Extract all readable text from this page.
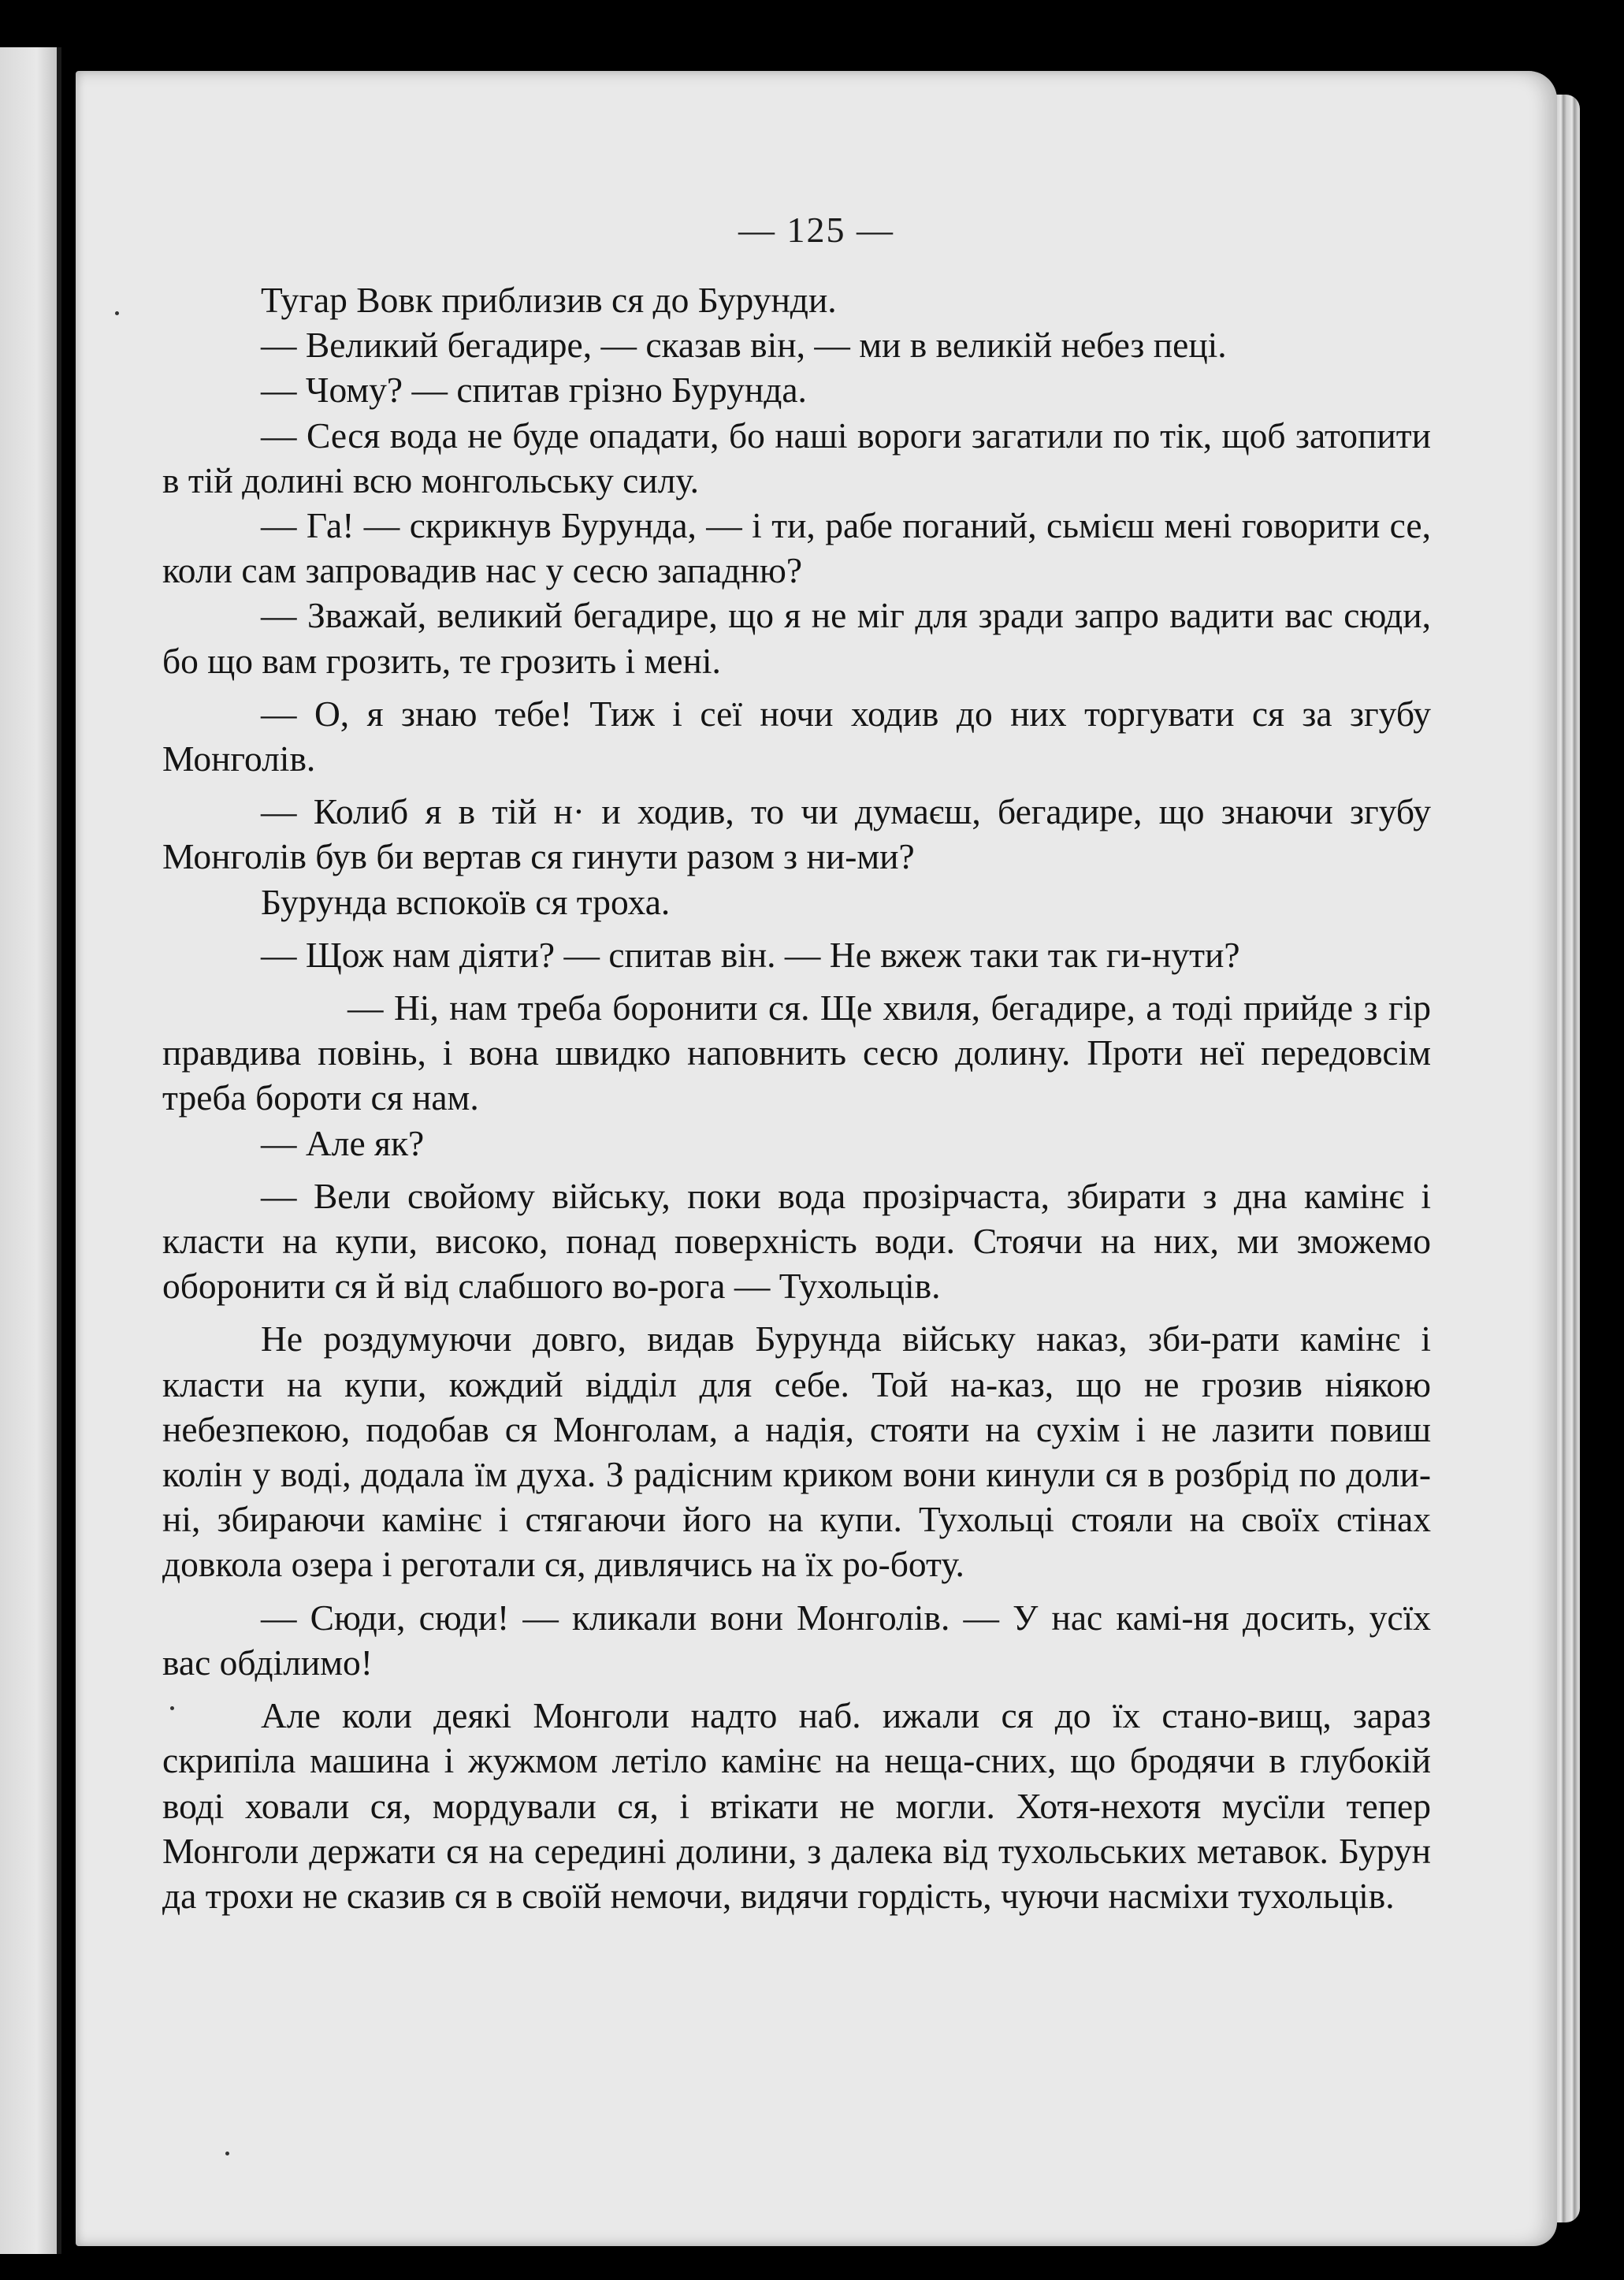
— 125 —

Тугар Вовк приблизив ся до Бурунди.

— Великий бегадире, — сказав він, — ми в великій небез пеці.

— Чому? — спитав грізно Бурунда.

— Сеся вода не буде опадати, бо наші вороги загатили по тік, щоб затопити в тій долині всю монгольську силу.

— Га! — скрикнув Бурунда, — і ти, рабе поганий, сьмієш мені говорити се, коли сам запровадив нас у сесю западню?

— Зважай, великий бегадире, що я не міг для зради запро вадити вас сюди, бо що вам грозить, те грозить і мені.

— О, я знаю тебе! Тиж і сеї ночи ходив до них торгувати ся за згубу Монголів.

— Колиб я в тій н· и ходив, то чи думаєш, бегадире, що знаючи згубу Монголів був би вертав ся гинути разом з ни-ми?

Бурунда вспокоїв ся троха.

— Щож нам діяти? — спитав він. — Не вжеж таки так ги-нути?

— Ні, нам треба боронити ся. Ще хвиля, бегадире, а тоді прийде з гір правдива повінь, і вона швидко наповнить сесю долину. Проти неї передовсім треба бороти ся нам.

— Але як?

— Вели свойому війську, поки вода прозірчаста, збирати з дна камінє і класти на купи, високо, понад поверхність води. Стоячи на них, ми зможемо оборонити ся й від слабшого во-рога — Тухольців.

Не роздумуючи довго, видав Бурунда війську наказ, зби-рати камінє і класти на купи, кождий відділ для себе. Той на-каз, що не грозив ніякою небезпекою, подобав ся Монголам, а надія, стояти на сухім і не лазити повиш колін у воді, додала їм духа. З радісним криком вони кинули ся в розбрід по доли-ні, збираючи камінє і стягаючи його на купи. Тухольці стояли на своїх стінах довкола озера і реготали ся, дивлячись на їх ро-боту.

— Сюди, сюди! — кликали вони Монголів. — У нас камі-ня досить, усїх вас обділимо!

Але коли деякі Монголи надто наб. ижали ся до їх стано-вищ, зараз скрипіла машина і жужмом летіло камінє на неща-сних, що бродячи в глубокій воді ховали ся, мордували ся, і втікати не могли. Хотя-нехотя мусїли тепер Монголи держати ся на середині долини, з далека від тухольських метавок. Бурун да трохи не сказив ся в своїй немочи, видячи гордість, чуючи насміхи тухольців.
